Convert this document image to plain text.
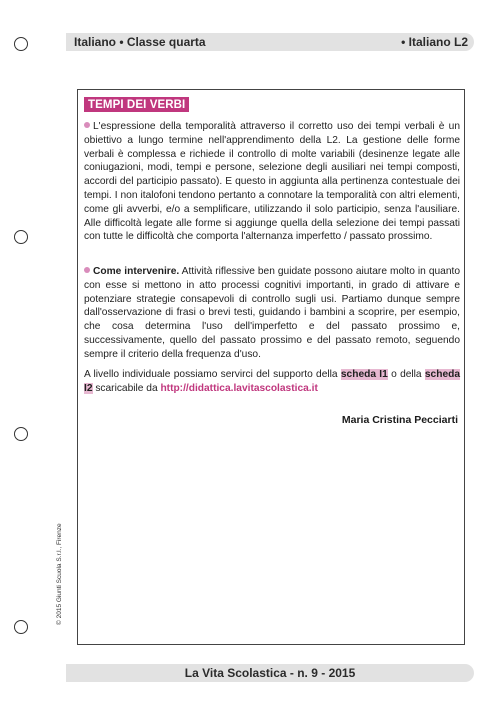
Italiano • Classe quarta	• Italiano L2
TEMPI DEI VERBI
L'espressione della temporalità attraverso il corretto uso dei tempi verbali è un obiettivo a lungo termine nell'apprendimento della L2. La gestione delle forme verbali è complessa e richiede il controllo di molte variabili (desinenze legate alle coniugazioni, modi, tempi e persone, selezione degli ausiliari nei tempi composti, accordi del participio passato). E questo in aggiunta alla pertinenza contestuale dei tempi. I non italofoni tendono pertanto a connotare la temporalità con altri elementi, come gli avverbi, e/o a semplificare, utilizzando il solo participio, senza l'ausiliare. Alle difficoltà legate alle forme si aggiunge quella della selezione dei tempi passati con tutte le difficoltà che comporta l'alternanza imperfetto / passato prossimo.
Come intervenire. Attività riflessive ben guidate possono aiutare molto in quanto con esse si mettono in atto processi cognitivi importanti, in grado di attivare e potenziare strategie consapevoli di controllo sugli usi. Partiamo dunque sempre dall'osservazione di frasi o brevi testi, guidando i bambini a scoprire, per esempio, che cosa determina l'uso dell'imperfetto e del passato prossimo e, successivamente, quello del passato prossimo e del passato remoto, seguendo sempre il criterio della frequenza d'uso.
A livello individuale possiamo servirci del supporto della scheda I1 o della scheda I2 scaricabile da http://didattica.lavitascolastica.it
Maria Cristina Pecciarti
© 2015 Giunti Scuola S.r.l., Firenze
La Vita Scolastica - n. 9 - 2015
